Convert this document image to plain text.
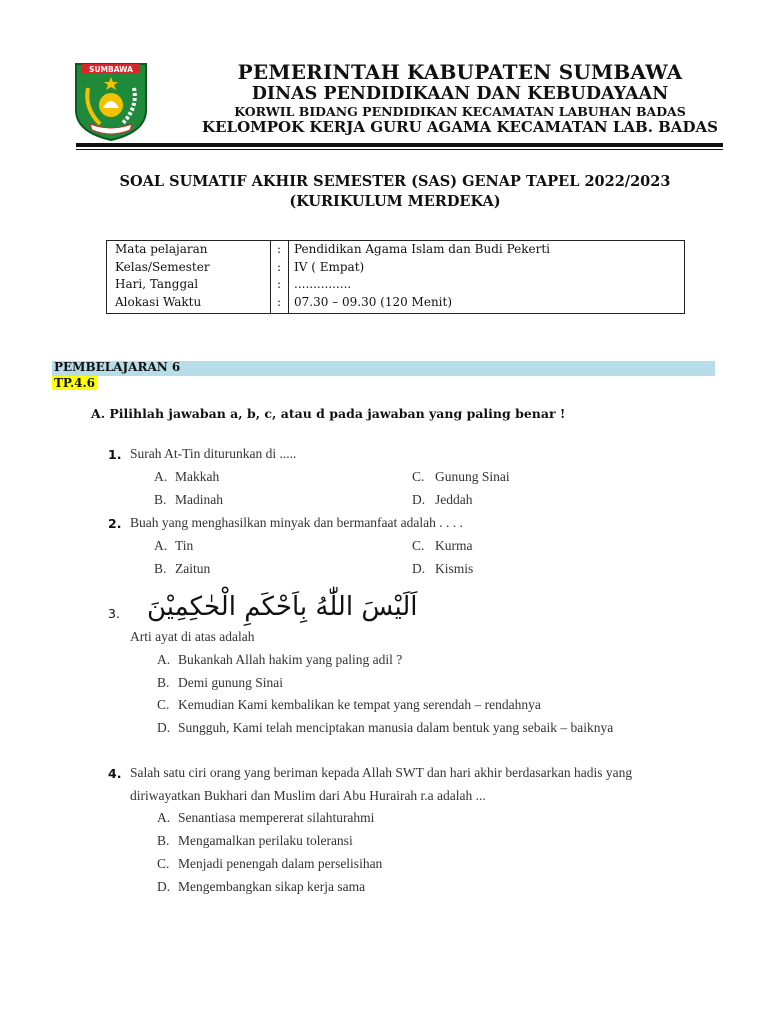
SUMBAWA	PEMERINTAH KABUPATEN SUMBAWA
DINAS PENDIDIKAAN DAN KEBUDAYAAN
KORWIL BIDANG PENDIDIKAN KECAMATAN LABUHAN BADAS
KELOMPOK KERJA GURU AGAMA KECAMATAN LAB. BADAS
SOAL SUMATIF AKHIR SEMESTER (SAS) GENAP TAPEL 2022/2023
(KURIKULUM MERDEKA)
Mata pelajaran	: Pendidikan Agama Islam dan Budi Pekerti
Kelas/Semester	: IV ( Empat)
Hari, Tanggal	: ...............
Alokasi Waktu	: 07.30 – 09.30 (120 Menit)
PEMBELAJARAN 6
TP.4.6
A. Pilihlah jawaban a, b, c, atau d pada jawaban yang paling benar !
1. Surah At-Tin diturunkan di .....
A. Makkah
B. Madinah
C. Gunung Sinai
D. Jeddah
2. Buah yang menghasilkan minyak dan bermanfaat adalah . . . .
A. Tin
B. Zaitun
C. Kurma
D. Kismis
3. اَلَيْسَ اللّٰهُ بِاَحْكَمِ الْحٰكِمِيْنَ
Arti ayat di atas adalah
A. Bukankah Allah hakim yang paling adil ?
B. Demi gunung Sinai
C. Kemudian Kami kembalikan ke tempat yang serendah – rendahnya
D. Sungguh, Kami telah menciptakan manusia dalam bentuk yang sebaik – baiknya
4. Salah satu ciri orang yang beriman kepada Allah SWT dan hari akhir berdasarkan hadis yang
diriwayatkan Bukhari dan Muslim dari Abu Hurairah r.a adalah ...
A. Senantiasa mempererat silahturahmi
B. Mengamalkan perilaku toleransi
C. Menjadi penengah dalam perselisihan
D. Mengembangkan sikap kerja sama
